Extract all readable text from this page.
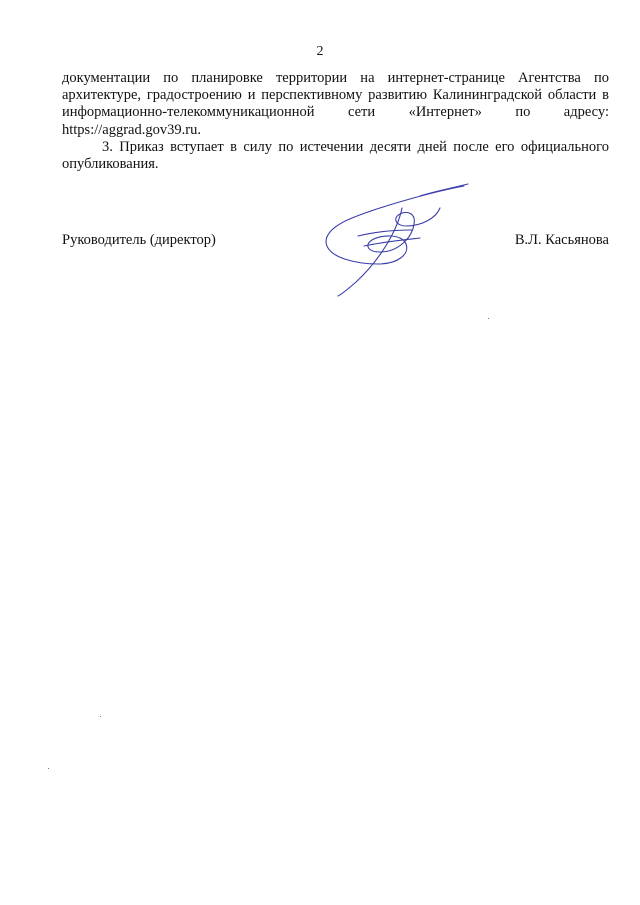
2

документации по планировке территории на интернет-странице Агентства по архитектуре, градостроению и перспективному развитию Калининградской области в информационно-телекоммуникационной сети «Интернет» по адресу: https://aggrad.gov39.ru.

3. Приказ вступает в силу по истечении десяти дней после его официального опубликования.

Руководитель (директор)	В.Л. Касьянова
